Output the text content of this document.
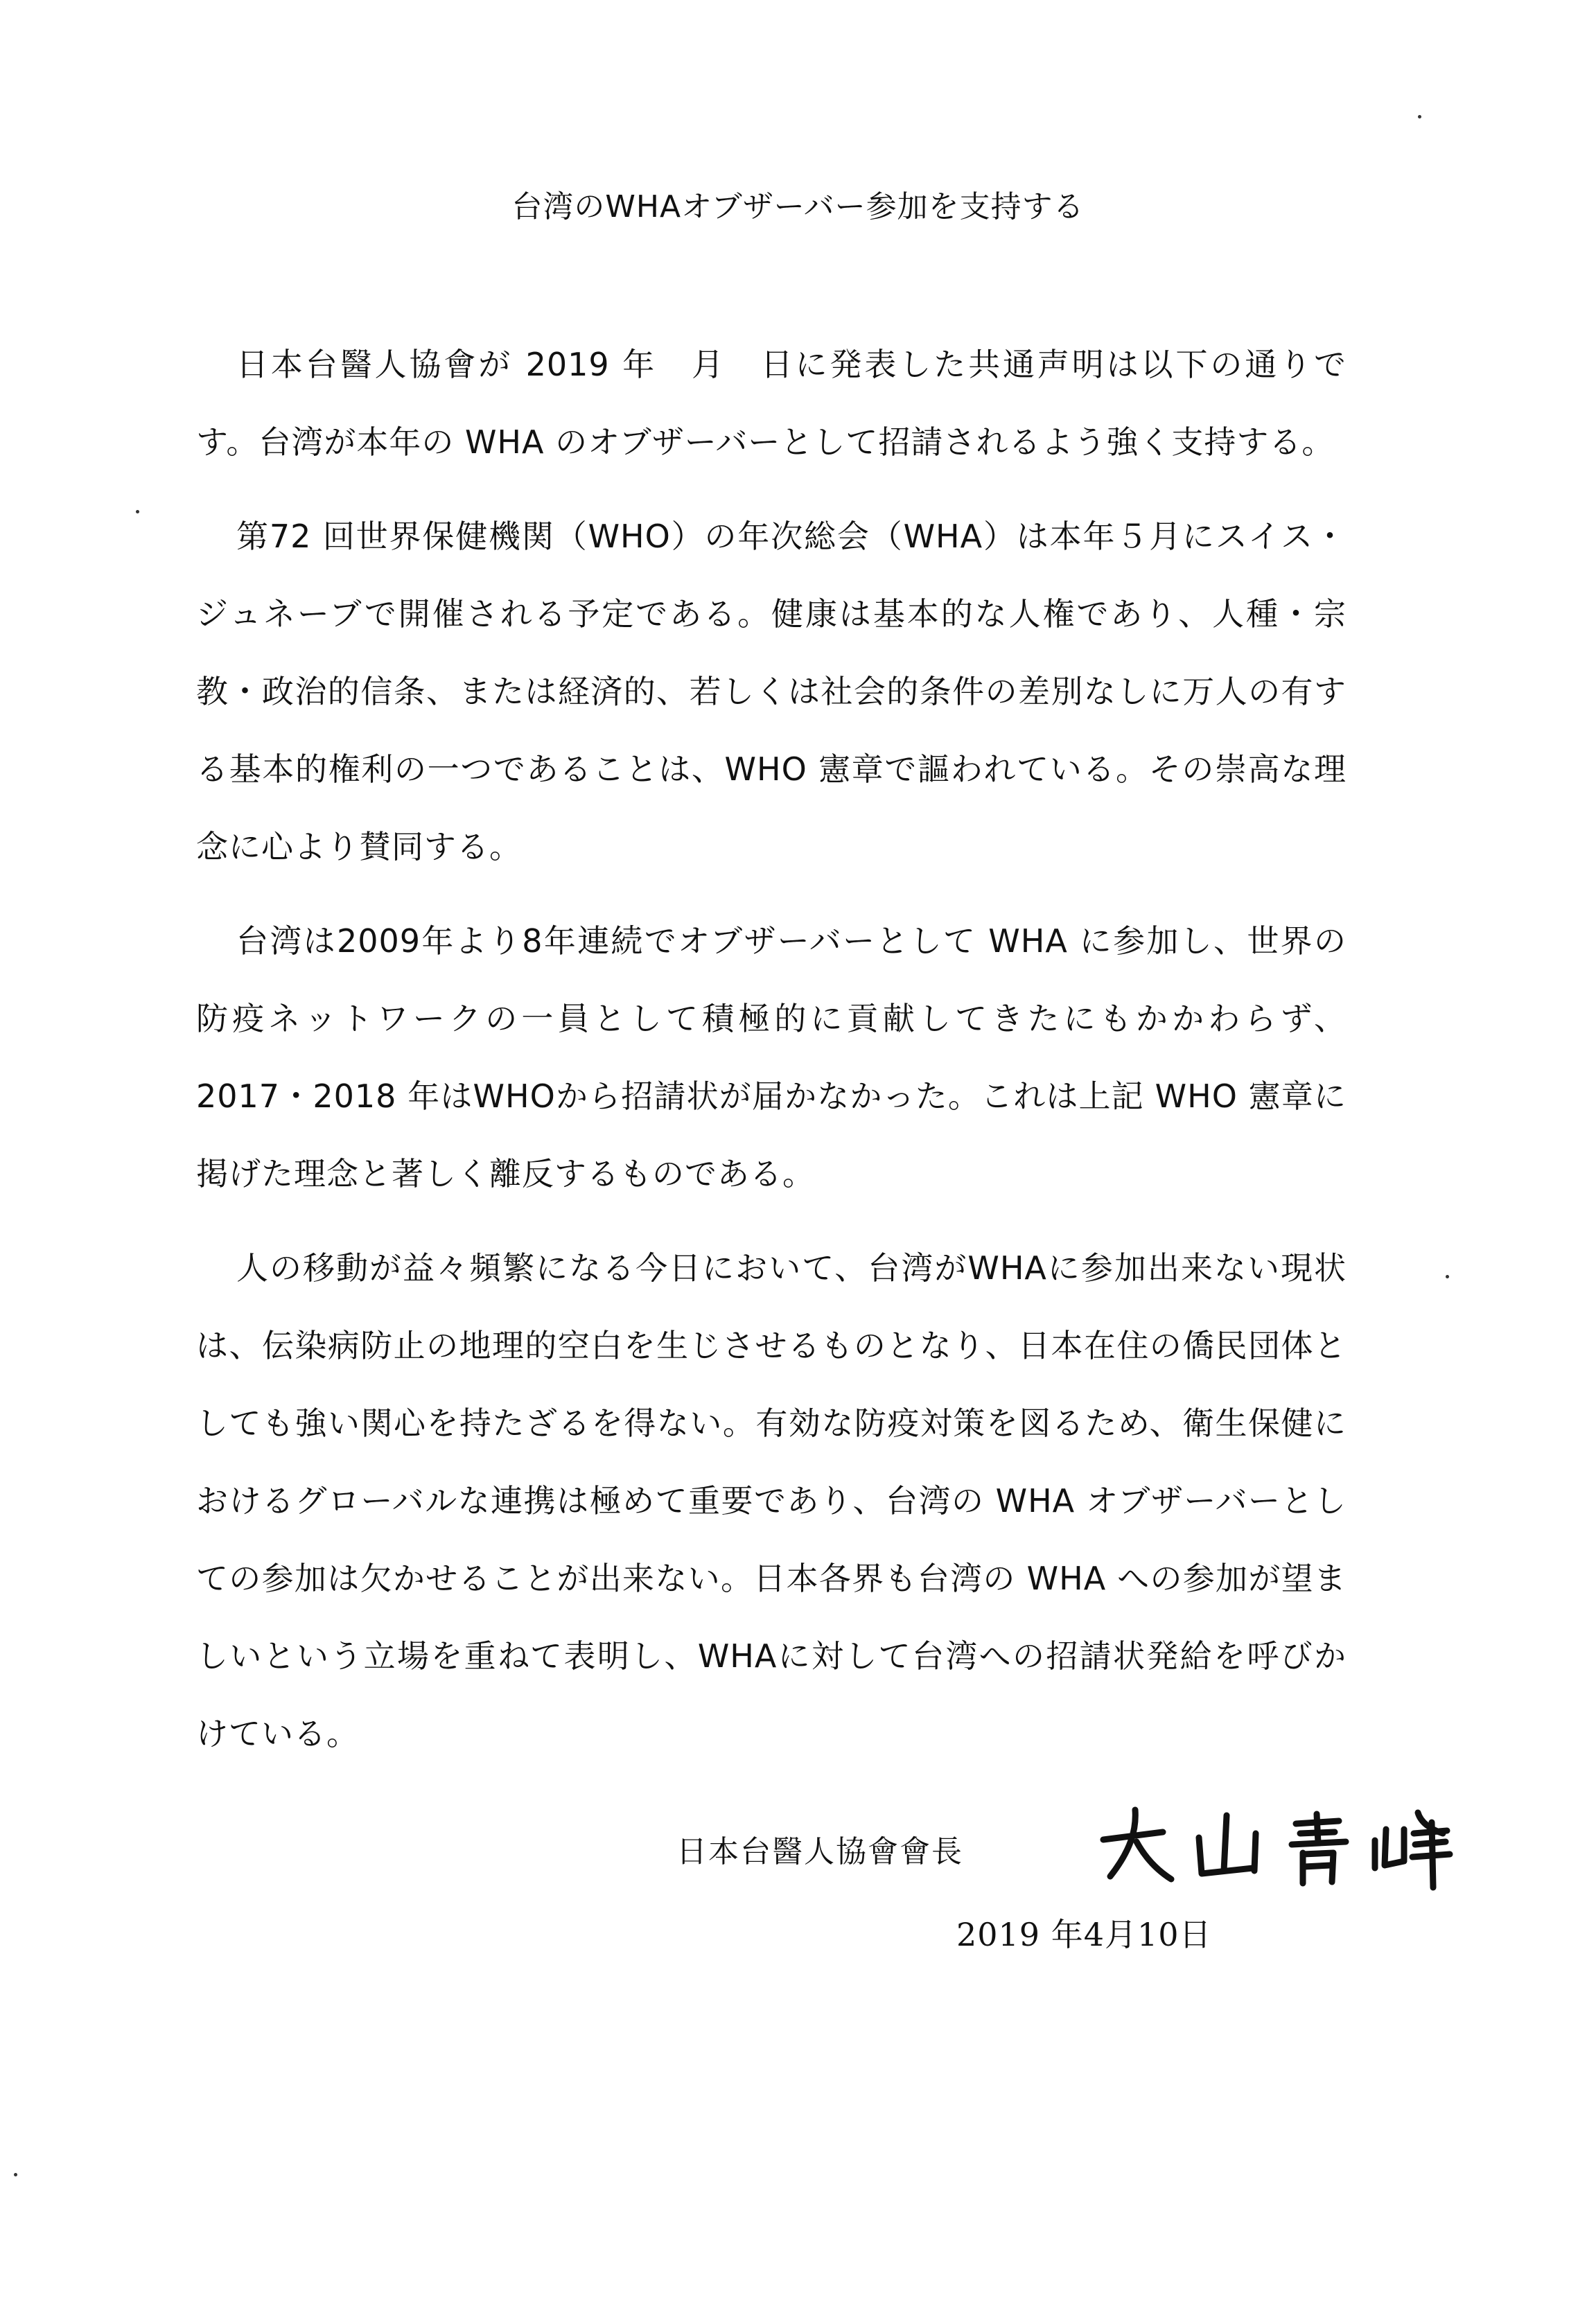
台湾のWHAオブザーバー参加を支持する

日本台醫人協會が 2019 年　月　日に発表した共通声明は以下の通りです。台湾が本年の WHA のオブザーバーとして招請されるよう強く支持する。

第72 回世界保健機関（WHO）の年次総会（WHA）は本年５月にスイス・ジュネーブで開催される予定である。健康は基本的な人権であり、人種・宗教・政治的信条、または経済的、若しくは社会的条件の差別なしに万人の有する基本的権利の一つであることは、WHO 憲章で謳われている。その崇高な理念に心より賛同する。

台湾は2009年より8年連続でオブザーバーとして WHA に参加し、世界の防疫ネットワークの一員として積極的に貢献してきたにもかかわらず、2017・2018 年はWHOから招請状が届かなかった。これは上記 WHO 憲章に掲げた理念と著しく離反するものである。

人の移動が益々頻繁になる今日において、台湾がWHAに参加出来ない現状は、伝染病防止の地理的空白を生じさせるものとなり、日本在住の僑民団体としても強い関心を持たざるを得ない。有効な防疫対策を図るため、衛生保健におけるグローバルな連携は極めて重要であり、台湾の WHA オブザーバーとしての参加は欠かせることが出来ない。日本各界も台湾の WHA への参加が望ましいという立場を重ねて表明し、WHAに対して台湾への招請状発給を呼びかけている。

日本台醫人協會會長
2019 年4月10日
